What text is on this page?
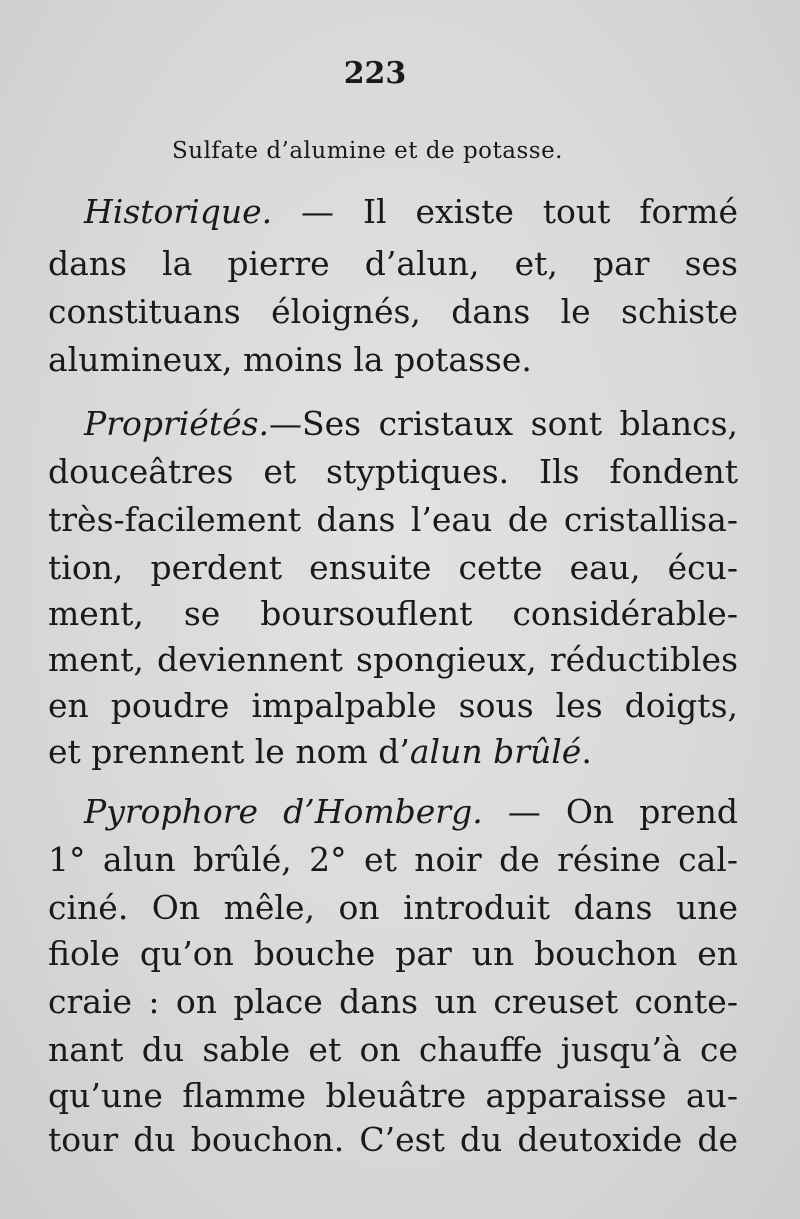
223
Sulfate d’alumine et de potasse.
Historique. — Il existe tout formé
dans la pierre d’alun, et, par ses
constituans éloignés, dans le schiste
alumineux, moins la potasse.
Propriétés.—Ses cristaux sont blancs,
douceâtres et styptiques. Ils fondent
très-facilement dans l’eau de cristallisa-
tion, perdent ensuite cette eau, écu-
ment, se boursouflent considérable-
ment, deviennent spongieux, réductibles
en poudre impalpable sous les doigts,
et prennent le nom d’alun brûlé.
Pyrophore d’Homberg. — On prend
1° alun brûlé, 2° et noir de résine cal-
ciné. On mêle, on introduit dans une
fiole qu’on bouche par un bouchon en
craie : on place dans un creuset conte-
nant du sable et on chauffe jusqu’à ce
qu’une flamme bleuâtre apparaisse au-
tour du bouchon. C’est du deutoxide de
